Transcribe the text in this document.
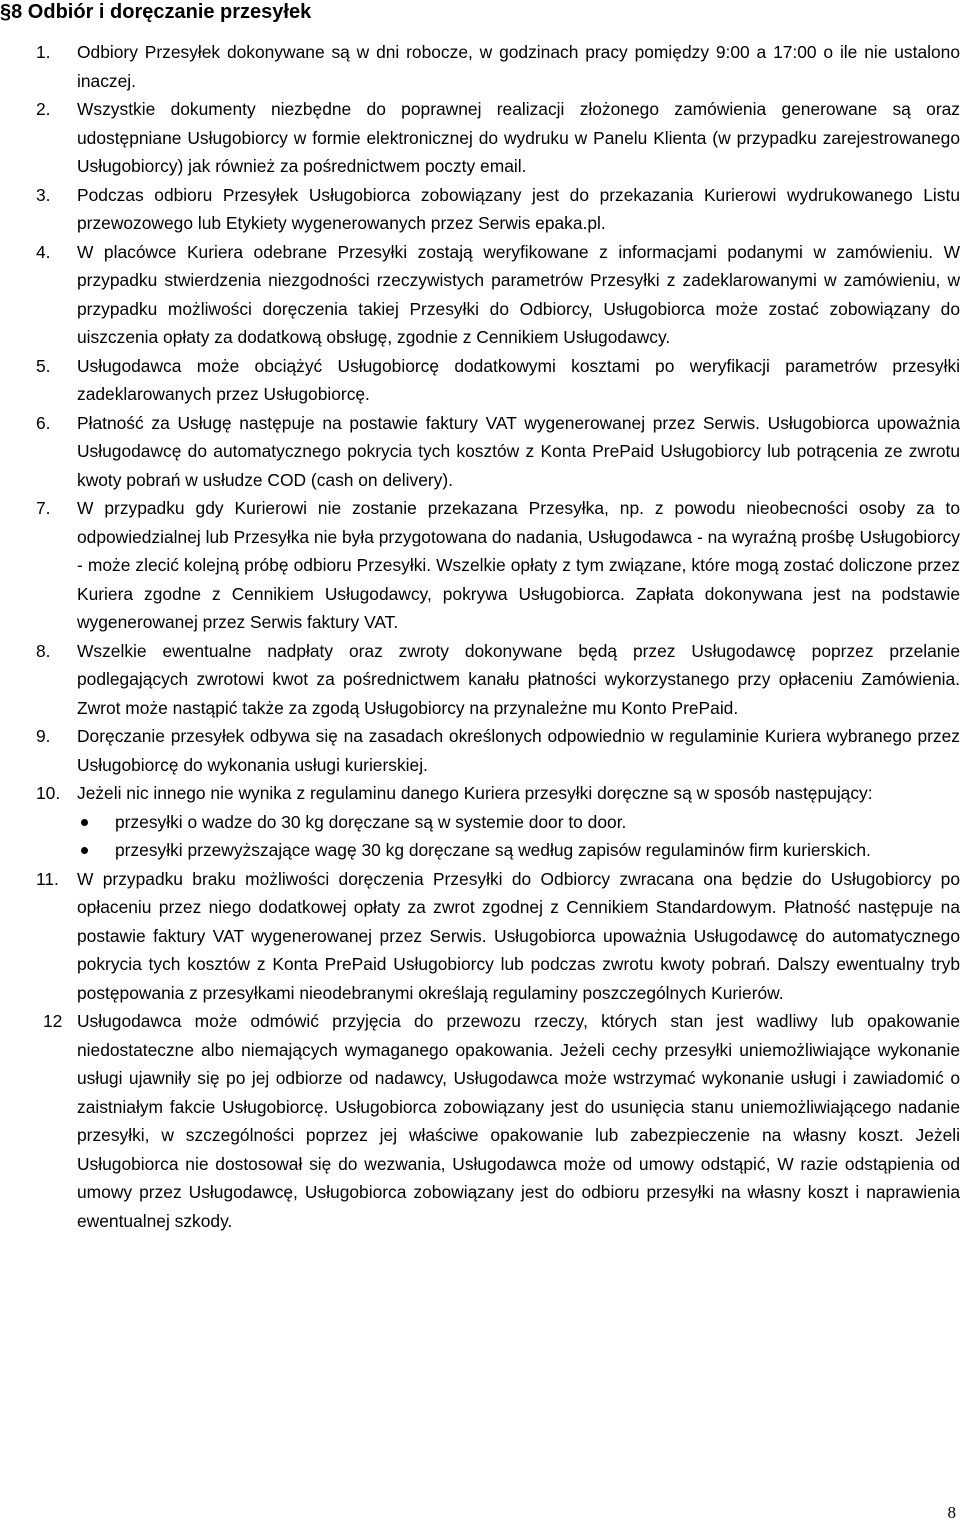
§8 Odbiór i doręczanie przesyłek
1. Odbiory Przesyłek dokonywane są w dni robocze, w godzinach pracy pomiędzy 9:00 a 17:00 o ile nie ustalono inaczej.
2. Wszystkie dokumenty niezbędne do poprawnej realizacji złożonego zamówienia generowane są oraz udostępniane Usługobiorcy w formie elektronicznej do wydruku w Panelu Klienta (w przypadku zarejestrowanego Usługobiorcy) jak również za pośrednictwem poczty email.
3. Podczas odbioru Przesyłek Usługobiorca zobowiązany jest do przekazania Kurierowi wydrukowanego Listu przewozowego lub Etykiety wygenerowanych przez Serwis epaka.pl.
4. W placówce Kuriera odebrane Przesyłki zostają weryfikowane z informacjami podanymi w zamówieniu. W przypadku stwierdzenia niezgodności rzeczywistych parametrów Przesyłki z zadeklarowanymi w zamówieniu, w przypadku możliwości doręczenia takiej Przesyłki do Odbiorcy, Usługobiorca może zostać zobowiązany do uiszczenia opłaty za dodatkową obsługę, zgodnie z Cennikiem Usługodawcy.
5. Usługodawca może obciążyć Usługobiorcę dodatkowymi kosztami po weryfikacji parametrów przesyłki zadeklarowanych przez Usługobiorcę.
6. Płatność za Usługę następuje na postawie faktury VAT wygenerowanej przez Serwis. Usługobiorca upoważnia Usługodawcę do automatycznego pokrycia tych kosztów z Konta PrePaid Usługobiorcy lub potrącenia ze zwrotu kwoty pobrań w usłudze COD (cash on delivery).
7. W przypadku gdy Kurierowi nie zostanie przekazana Przesyłka, np. z powodu nieobecności osoby za to odpowiedzialnej lub Przesyłka nie była przygotowana do nadania, Usługodawca - na wyraźną prośbę Usługobiorcy - może zlecić kolejną próbę odbioru Przesyłki. Wszelkie opłaty z tym związane, które mogą zostać doliczone przez Kuriera zgodne z Cennikiem Usługodawcy, pokrywa Usługobiorca. Zapłata dokonywana jest na podstawie wygenerowanej przez Serwis faktury VAT.
8. Wszelkie ewentualne nadpłaty oraz zwroty dokonywane będą przez Usługodawcę poprzez przelanie podlegających zwrotowi kwot za pośrednictwem kanału płatności wykorzystanego przy opłaceniu Zamówienia. Zwrot może nastąpić także za zgodą Usługobiorcy na przynależne mu Konto PrePaid.
9. Doręczanie przesyłek odbywa się na zasadach określonych odpowiednio w regulaminie Kuriera wybranego przez Usługobiorcę do wykonania usługi kurierskiej.
10. Jeżeli nic innego nie wynika z regulaminu danego Kuriera przesyłki doręczne są w sposób następujący:
przesyłki o wadze do 30 kg doręczane są w systemie door to door.
przesyłki przewyższające wagę 30 kg doręczane są według zapisów regulaminów firm kurierskich.
11. W przypadku braku możliwości doręczenia Przesyłki do Odbiorcy zwracana ona będzie do Usługobiorcy po opłaceniu przez niego dodatkowej opłaty za zwrot zgodnej z Cennikiem Standardowym. Płatność następuje na postawie faktury VAT wygenerowanej przez Serwis. Usługobiorca upoważnia Usługodawcę do automatycznego pokrycia tych kosztów z Konta PrePaid Usługobiorcy lub podczas zwrotu kwoty pobrań. Dalszy ewentualny tryb postępowania z przesyłkami nieodebranymi określają regulaminy poszczególnych Kurierów.
12 Usługodawca może odmówić przyjęcia do przewozu rzeczy, których stan jest wadliwy lub opakowanie niedostateczne albo niemających wymaganego opakowania. Jeżeli cechy przesyłki uniemożliwiające wykonanie usługi ujawniły się po jej odbiorze od nadawcy, Usługodawca może wstrzymać wykonanie usługi i zawiadomić o zaistniałym fakcie Usługobiorcę. Usługobiorca zobowiązany jest do usunięcia stanu uniemożliwiającego nadanie przesyłki, w szczególności poprzez jej właściwe opakowanie lub zabezpieczenie na własny koszt. Jeżeli Usługobiorca nie dostosował się do wezwania, Usługodawca może od umowy odstąpić, W razie odstąpienia od umowy przez Usługodawcę, Usługobiorca zobowiązany jest do odbioru przesyłki na własny koszt i naprawienia ewentualnej szkody.
8
